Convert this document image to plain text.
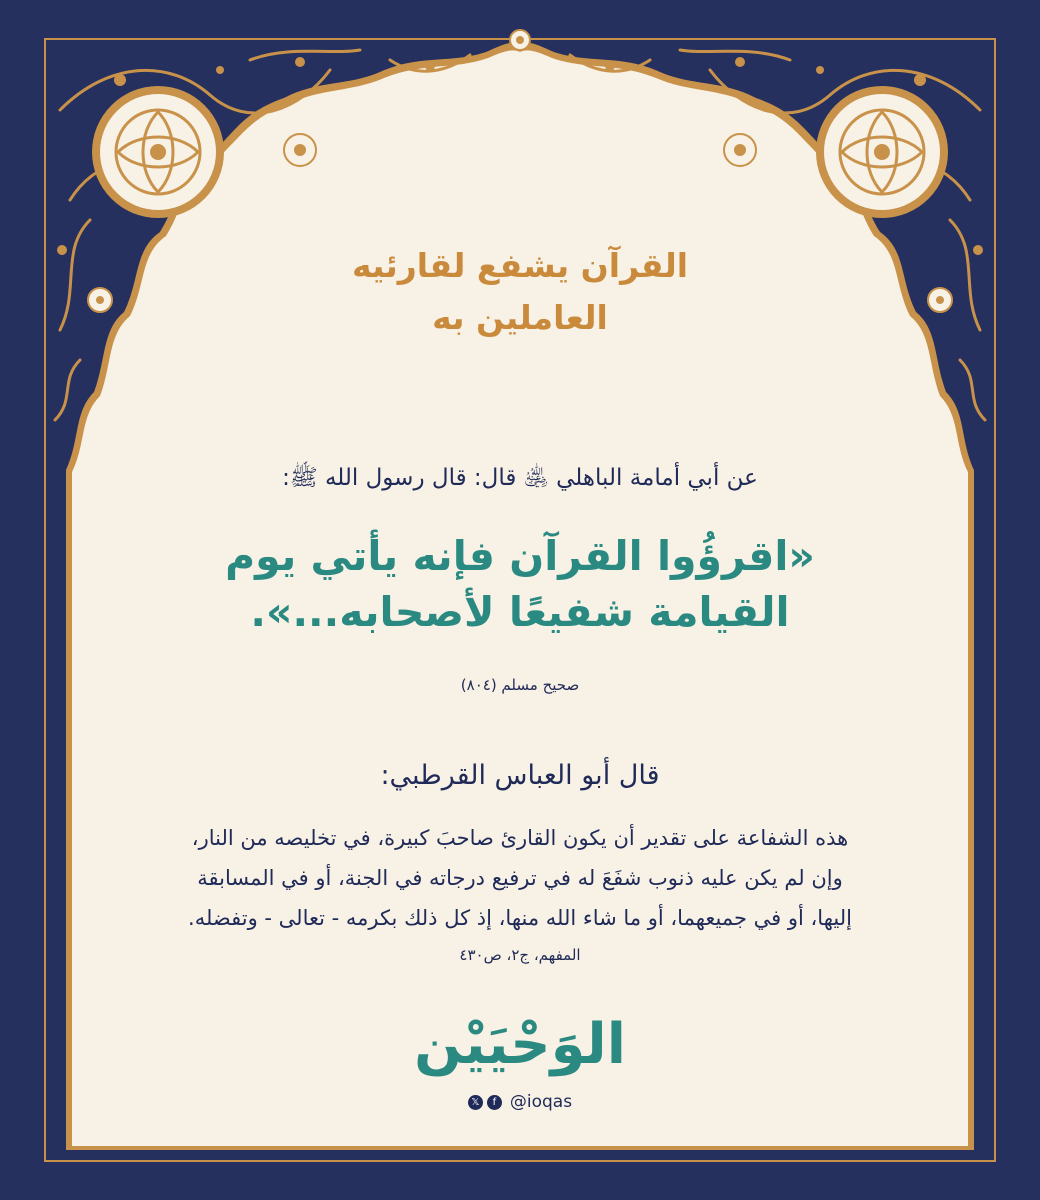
القرآن يشفع لقارئيه
العاملين به
عن أبي أمامة الباهلي ﵁ قال: قال رسول الله ﷺ:
«اقرؤُوا القرآن فإنه يأتي يوم
القيامة شفيعًا لأصحابه...».
صحيح مسلم (٨٠٤)
قال أبو العباس القرطبي:
هذه الشفاعة على تقدير أن يكون القارئ صاحبَ كبيرة، في تخليصه من النار،
وإن لم يكن عليه ذنوب شفَعَ له في ترفيع درجاته في الجنة، أو في المسابقة
إليها، أو في جميعهما، أو ما شاء الله منها، إذ كل ذلك بكرمه - تعالى - وتفضله.
المفهم، ج٢، ص٤٣٠
الوَحْيَيْن
𝕏	f @ioqas
